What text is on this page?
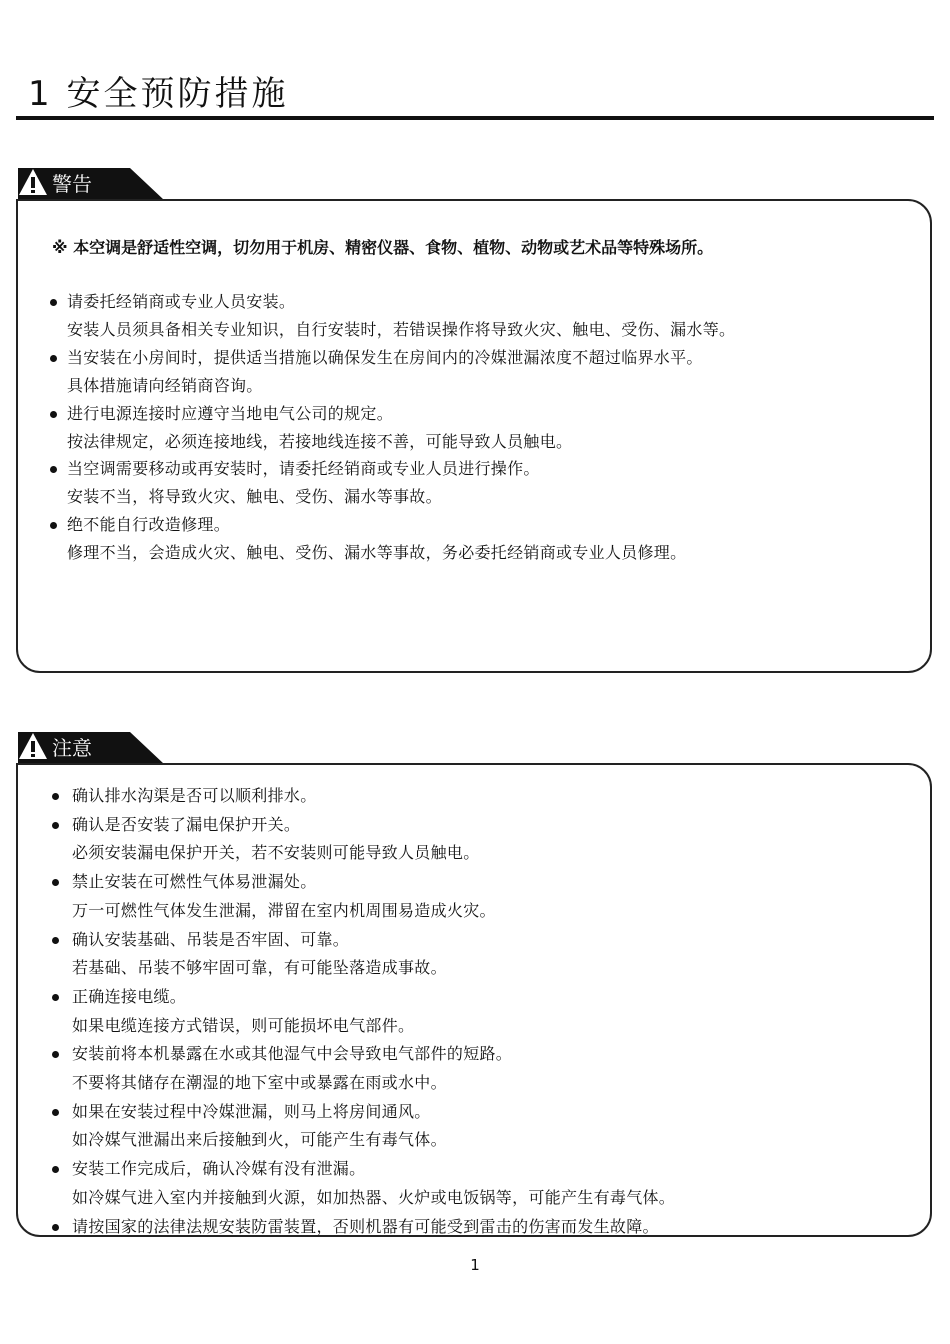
1 安全预防措施
警告
※ 本空调是舒适性空调，切勿用于机房、精密仪器、食物、植物、动物或艺术品等特殊场所。
请委托经销商或专业人员安装。
安装人员须具备相关专业知识，自行安装时，若错误操作将导致火灾、触电、受伤、漏水等。
当安装在小房间时，提供适当措施以确保发生在房间内的冷媒泄漏浓度不超过临界水平。
具体措施请向经销商咨询。
进行电源连接时应遵守当地电气公司的规定。
按法律规定，必须连接地线，若接地线连接不善，可能导致人员触电。
当空调需要移动或再安装时，请委托经销商或专业人员进行操作。
安装不当，将导致火灾、触电、受伤、漏水等事故。
绝不能自行改造修理。
修理不当，会造成火灾、触电、受伤、漏水等事故，务必委托经销商或专业人员修理。
注意
确认排水沟渠是否可以顺利排水。
确认是否安装了漏电保护开关。
必须安装漏电保护开关，若不安装则可能导致人员触电。
禁止安装在可燃性气体易泄漏处。
万一可燃性气体发生泄漏，滞留在室内机周围易造成火灾。
确认安装基础、吊装是否牢固、可靠。
若基础、吊装不够牢固可靠，有可能坠落造成事故。
正确连接电缆。
如果电缆连接方式错误，则可能损坏电气部件。
安装前将本机暴露在水或其他湿气中会导致电气部件的短路。
不要将其储存在潮湿的地下室中或暴露在雨或水中。
如果在安装过程中冷媒泄漏，则马上将房间通风。
如冷媒气泄漏出来后接触到火，可能产生有毒气体。
安装工作完成后，确认冷媒有没有泄漏。
如冷媒气进入室内并接触到火源，如加热器、火炉或电饭锅等，可能产生有毒气体。
请按国家的法律法规安装防雷装置，否则机器有可能受到雷击的伤害而发生故障。
1
